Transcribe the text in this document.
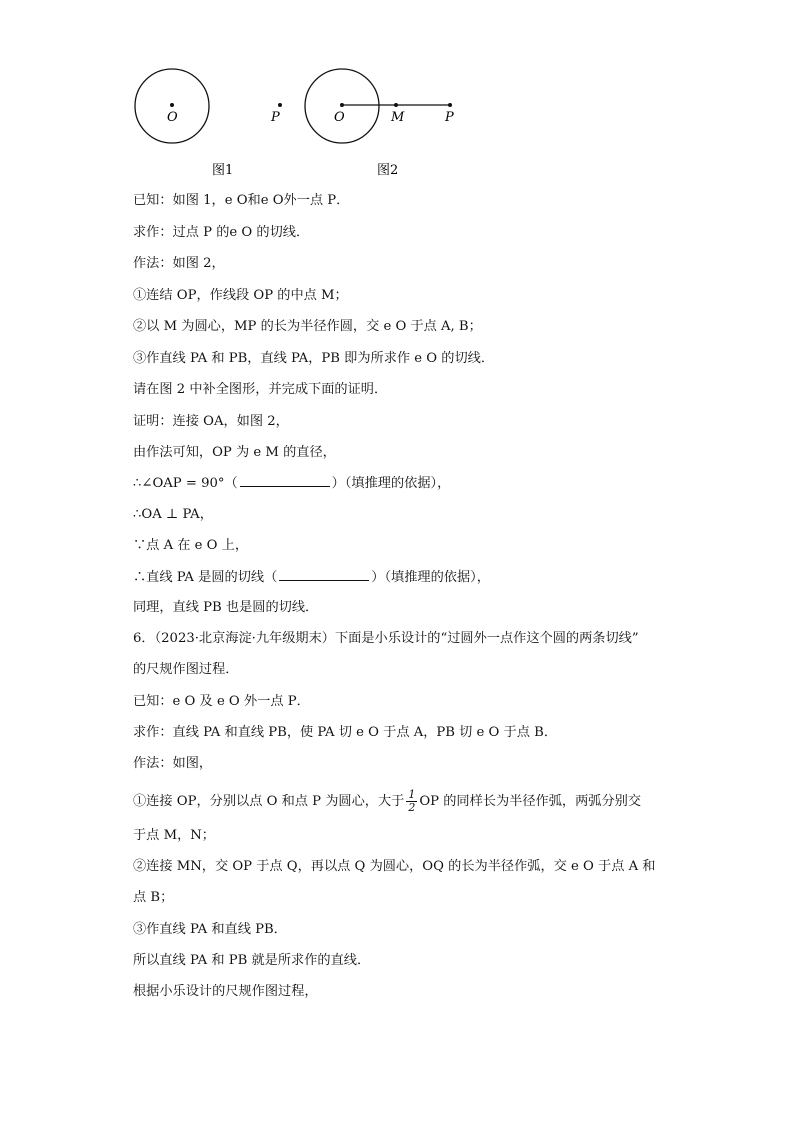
O	P
图1
O	M	P
图2
已知：如图 1，e O和e O外一点 P．
求作：过点 P 的e O 的切线．
作法：如图 2，
①连结 OP，作线段 OP 的中点 M；
②以 M 为圆心，MP 的长为半径作圆，交 e O 于点 A, B；
③作直线 PA 和 PB，直线 PA，PB 即为所求作 e O 的切线．
请在图 2 中补全图形，并完成下面的证明．
证明：连接 OA，如图 2，
由作法可知，OP 为 e M 的直径，
∴∠OAP = 90°（	）（填推理的依据），
∴OA ⊥ PA，
∵点 A 在 e O 上，
∴直线 PA 是圆的切线（	）（填推理的依据），
同理，直线 PB 也是圆的切线．
6．（2023·北京海淀·九年级期末）下面是小乐设计的“过圆外一点作这个圆的两条切线”
的尺规作图过程．
已知：e O 及 e O 外一点 P．
求作：直线 PA 和直线 PB，使 PA 切 e O 于点 A，PB 切 e O 于点 B．
作法：如图，
①连接 OP，分别以点 O 和点 P 为圆心，大于 $\frac{1}{2}$ OP 的同样长为半径作弧，两弧分别交
于点 M，N；
②连接 MN，交 OP 于点 Q，再以点 Q 为圆心，OQ 的长为半径作弧，交 e O 于点 A 和
点 B；
③作直线 PA 和直线 PB．
所以直线 PA 和 PB 就是所求作的直线．
根据小乐设计的尺规作图过程，
